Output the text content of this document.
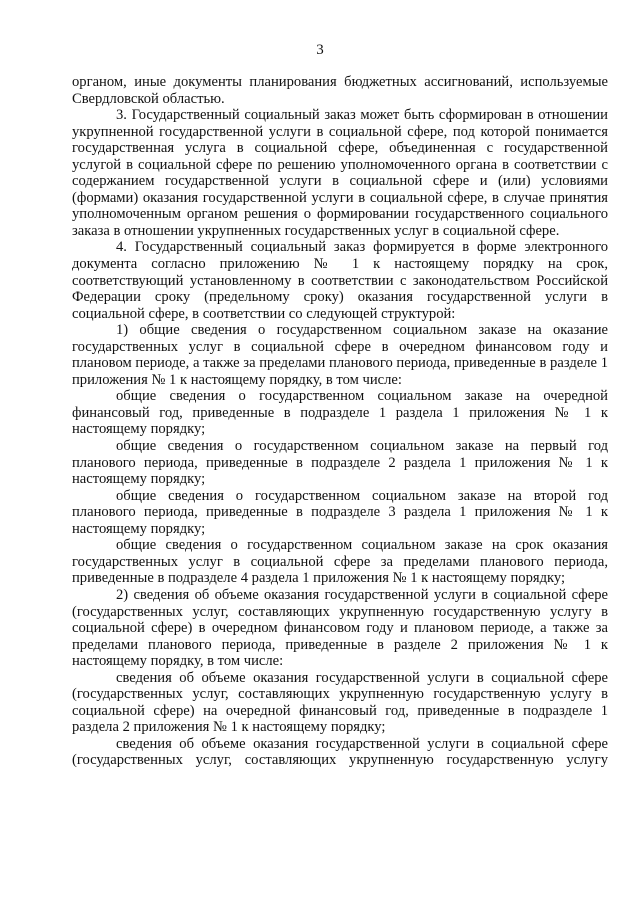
3

органом, иные документы планирования бюджетных ассигнований, используемые Свердловской областью.

3. Государственный социальный заказ может быть сформирован в отношении укрупненной государственной услуги в социальной сфере, под которой понимается государственная услуга в социальной сфере, объединенная с государственной услугой в социальной сфере по решению уполномоченного органа в соответствии с содержанием государственной услуги в социальной сфере и (или) условиями (формами) оказания государственной услуги в социальной сфере, в случае принятия уполномоченным органом решения о формировании государственного социального заказа в отношении укрупненных государственных услуг в социальной сфере.

4. Государственный социальный заказ формируется в форме электронного документа согласно приложению № 1 к настоящему порядку на срок, соответствующий установленному в соответствии с законодательством Российской Федерации сроку (предельному сроку) оказания государственной услуги в социальной сфере, в соответствии со следующей структурой:

1) общие сведения о государственном социальном заказе на оказание государственных услуг в социальной сфере в очередном финансовом году и плановом периоде, а также за пределами планового периода, приведенные в разделе 1 приложения № 1 к настоящему порядку, в том числе:

общие сведения о государственном социальном заказе на очередной финансовый год, приведенные в подразделе 1 раздела 1 приложения № 1 к настоящему порядку;

общие сведения о государственном социальном заказе на первый год планового периода, приведенные в подразделе 2 раздела 1 приложения № 1 к настоящему порядку;

общие сведения о государственном социальном заказе на второй год планового периода, приведенные в подразделе 3 раздела 1 приложения № 1 к настоящему порядку;

общие сведения о государственном социальном заказе на срок оказания государственных услуг в социальной сфере за пределами планового периода, приведенные в подразделе 4 раздела 1 приложения № 1 к настоящему порядку;

2) сведения об объеме оказания государственной услуги в социальной сфере (государственных услуг, составляющих укрупненную государственную услугу в социальной сфере) в очередном финансовом году и плановом периоде, а также за пределами планового периода, приведенные в разделе 2 приложения № 1 к настоящему порядку, в том числе:

сведения об объеме оказания государственной услуги в социальной сфере (государственных услуг, составляющих укрупненную государственную услугу в социальной сфере) на очередной финансовый год, приведенные в подразделе 1 раздела 2 приложения № 1 к настоящему порядку;

сведения об объеме оказания государственной услуги в социальной сфере (государственных услуг, составляющих укрупненную государственную услугу
